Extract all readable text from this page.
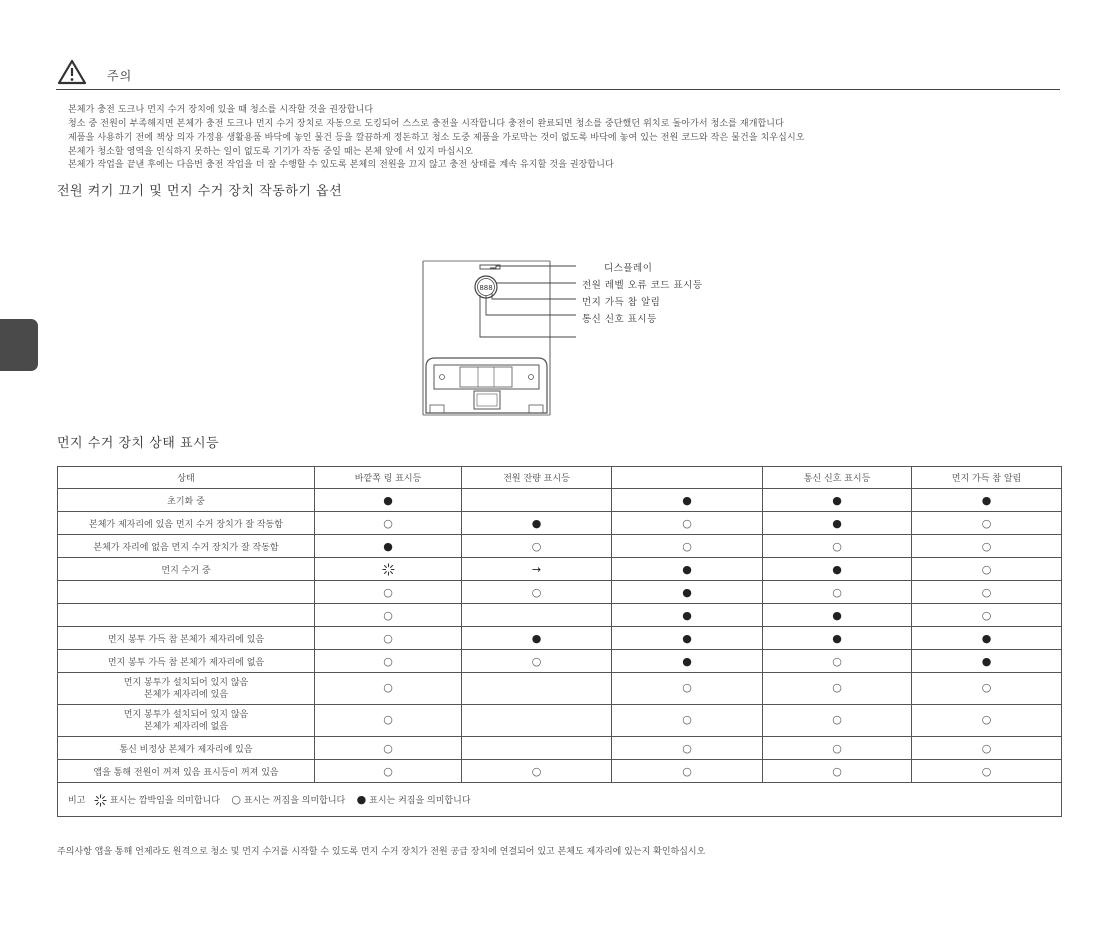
주의
본체가 충전 도크나 먼지 수거 장치에 있을 때 청소를 시작할 것을 권장합니다
청소 중 전원이 부족해지면 본체가 충전 도크나 먼지 수거 장치로 자동으로 도킹되어 스스로 충전을 시작합니다 충전이 완료되면 청소를 중단했던 위치로 돌아가서 청소를 재개합니다
제품을 사용하기 전에 책상 의자 가정용 생활용품 바닥에 놓인 물건 등을 깔끔하게 정돈하고 청소 도중 제품을 가로막는 것이 없도록 바닥에 놓여 있는 전원 코드와 작은 물건을 치우십시오
본체가 청소할 영역을 인식하지 못하는 일이 없도록 기기가 작동 중일 때는 본체 앞에 서 있지 마십시오
본체가 작업을 끝낸 후에는 다음번 충전 작업을 더 잘 수행할 수 있도록 본체의 전원을 끄지 않고 충전 상태를 계속 유지할 것을 권장합니다
전원 켜기 끄기 및 먼지 수거 장치 작동하기 옵션
888
디스플레이
전원 레벨 오류 코드 표시등
먼지 가득 참 알림
통신 신호 표시등
먼지 수거 장치 상태 표시등
상태	바깥쪽 링 표시등	전원 잔량 표시등		통신 신호 표시등	먼지 가득 참 알림

초기화 중	●		●	●	●

본체가 제자리에 있음 먼지 수거 장치가 잘 작동함	○	●	○	●	○

본체가 자리에 없음 먼지 수거 장치가 잘 작동함	●	○	○	○	○

먼지 수거 중		→	●	●	○

	○	○	●	○	○

	○		●	●	○

먼지 봉투 가득 참 본체가 제자리에 있음	○	●	●	●	●

먼지 봉투 가득 참 본체가 제자리에 없음	○	○	●	○	●

먼지 봉투가 설치되어 있지 않음
본체가 제자리에 있음	○		○	○	○

먼지 봉투가 설치되어 있지 않음
본체가 제자리에 없음	○		○	○	○

통신 비정상 본체가 제자리에 있음	○		○	○	○

앱을 통해 전원이 꺼져 있음 표시등이 꺼져 있음	○	○	○	○	○
비고 표시는 깜박임을 의미합니다 ○ 표시는 꺼짐을 의미합니다 ● 표시는 켜짐을 의미합니다					
주의사항 앱을 통해 언제라도 원격으로 청소 및 먼지 수거를 시작할 수 있도록 먼지 수거 장치가 전원 공급 장치에 연결되어 있고 본체도 제자리에 있는지 확인하십시오
